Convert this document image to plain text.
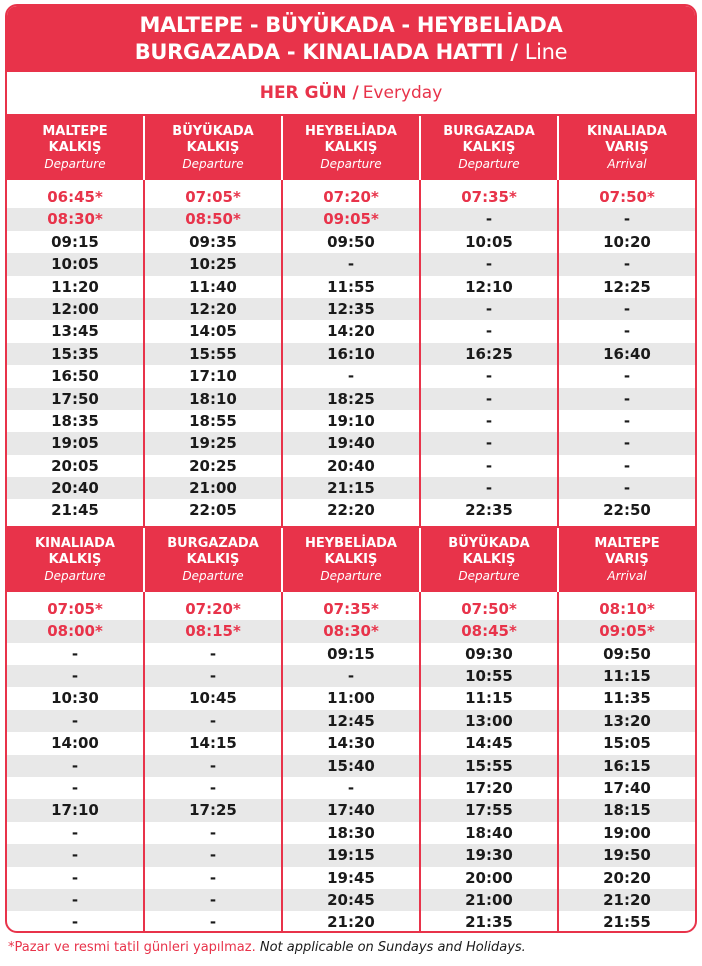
MALTEPE - BÜYÜKADA - HEYBELİADA
BURGAZADA - KINALIADA HATTI / Line
HER GÜN / Everyday
MALTEPE
KALKIŞ
Departure
BÜYÜKADA
KALKIŞ
Departure
HEYBELİADA
KALKIŞ
Departure
BURGAZADA
KALKIŞ
Departure
KINALIADA
VARIŞ
Arrival
06:45*
08:30*
09:15
10:05
11:20
12:00
13:45
15:35
16:50
17:50
18:35
19:05
20:05
20:40
21:45
07:05*
08:50*
09:35
10:25
11:40
12:20
14:05
15:55
17:10
18:10
18:55
19:25
20:25
21:00
22:05
07:20*
09:05*
09:50
-
11:55
12:35
14:20
16:10
-
18:25
19:10
19:40
20:40
21:15
22:20
07:35*
-
10:05
-
12:10
-
-
16:25
-
-
-
-
-
-
22:35
07:50*
-
10:20
-
12:25
-
-
16:40
-
-
-
-
-
-
22:50
KINALIADA
KALKIŞ
Departure
BURGAZADA KALKIŞ
Departure
HEYBELİADA KALKIŞ
Departure
BÜYÜKADA
KALKIŞ
Departure
MALTEPE
VARIŞ
Arrival
07:05*
08:00*
-
-
10:30
-
14:00
-
-
17:10
-
-
-
-
-
07:20*
08:15*
-
-
10:45
-
14:15
-
-
17:25
-
-
-
-
-
07:35*
08:30*
09:15
-
11:00
12:45
14:30
15:40
-
17:40
18:30
19:15
19:45
20:45
21:20
07:50*
08:45*
09:30
10:55
11:15
13:00
14:45
15:55
17:20
17:55
18:40
19:30
20:00
21:00
21:35
08:10*
09:05*
09:50
11:15
11:35
13:20
15:05
16:15
17:40
18:15
19:00
19:50
20:20
21:20
21:55
*Pazar ve resmi tatil günleri yapılmaz. Not applicable on Sundays and Holidays.
